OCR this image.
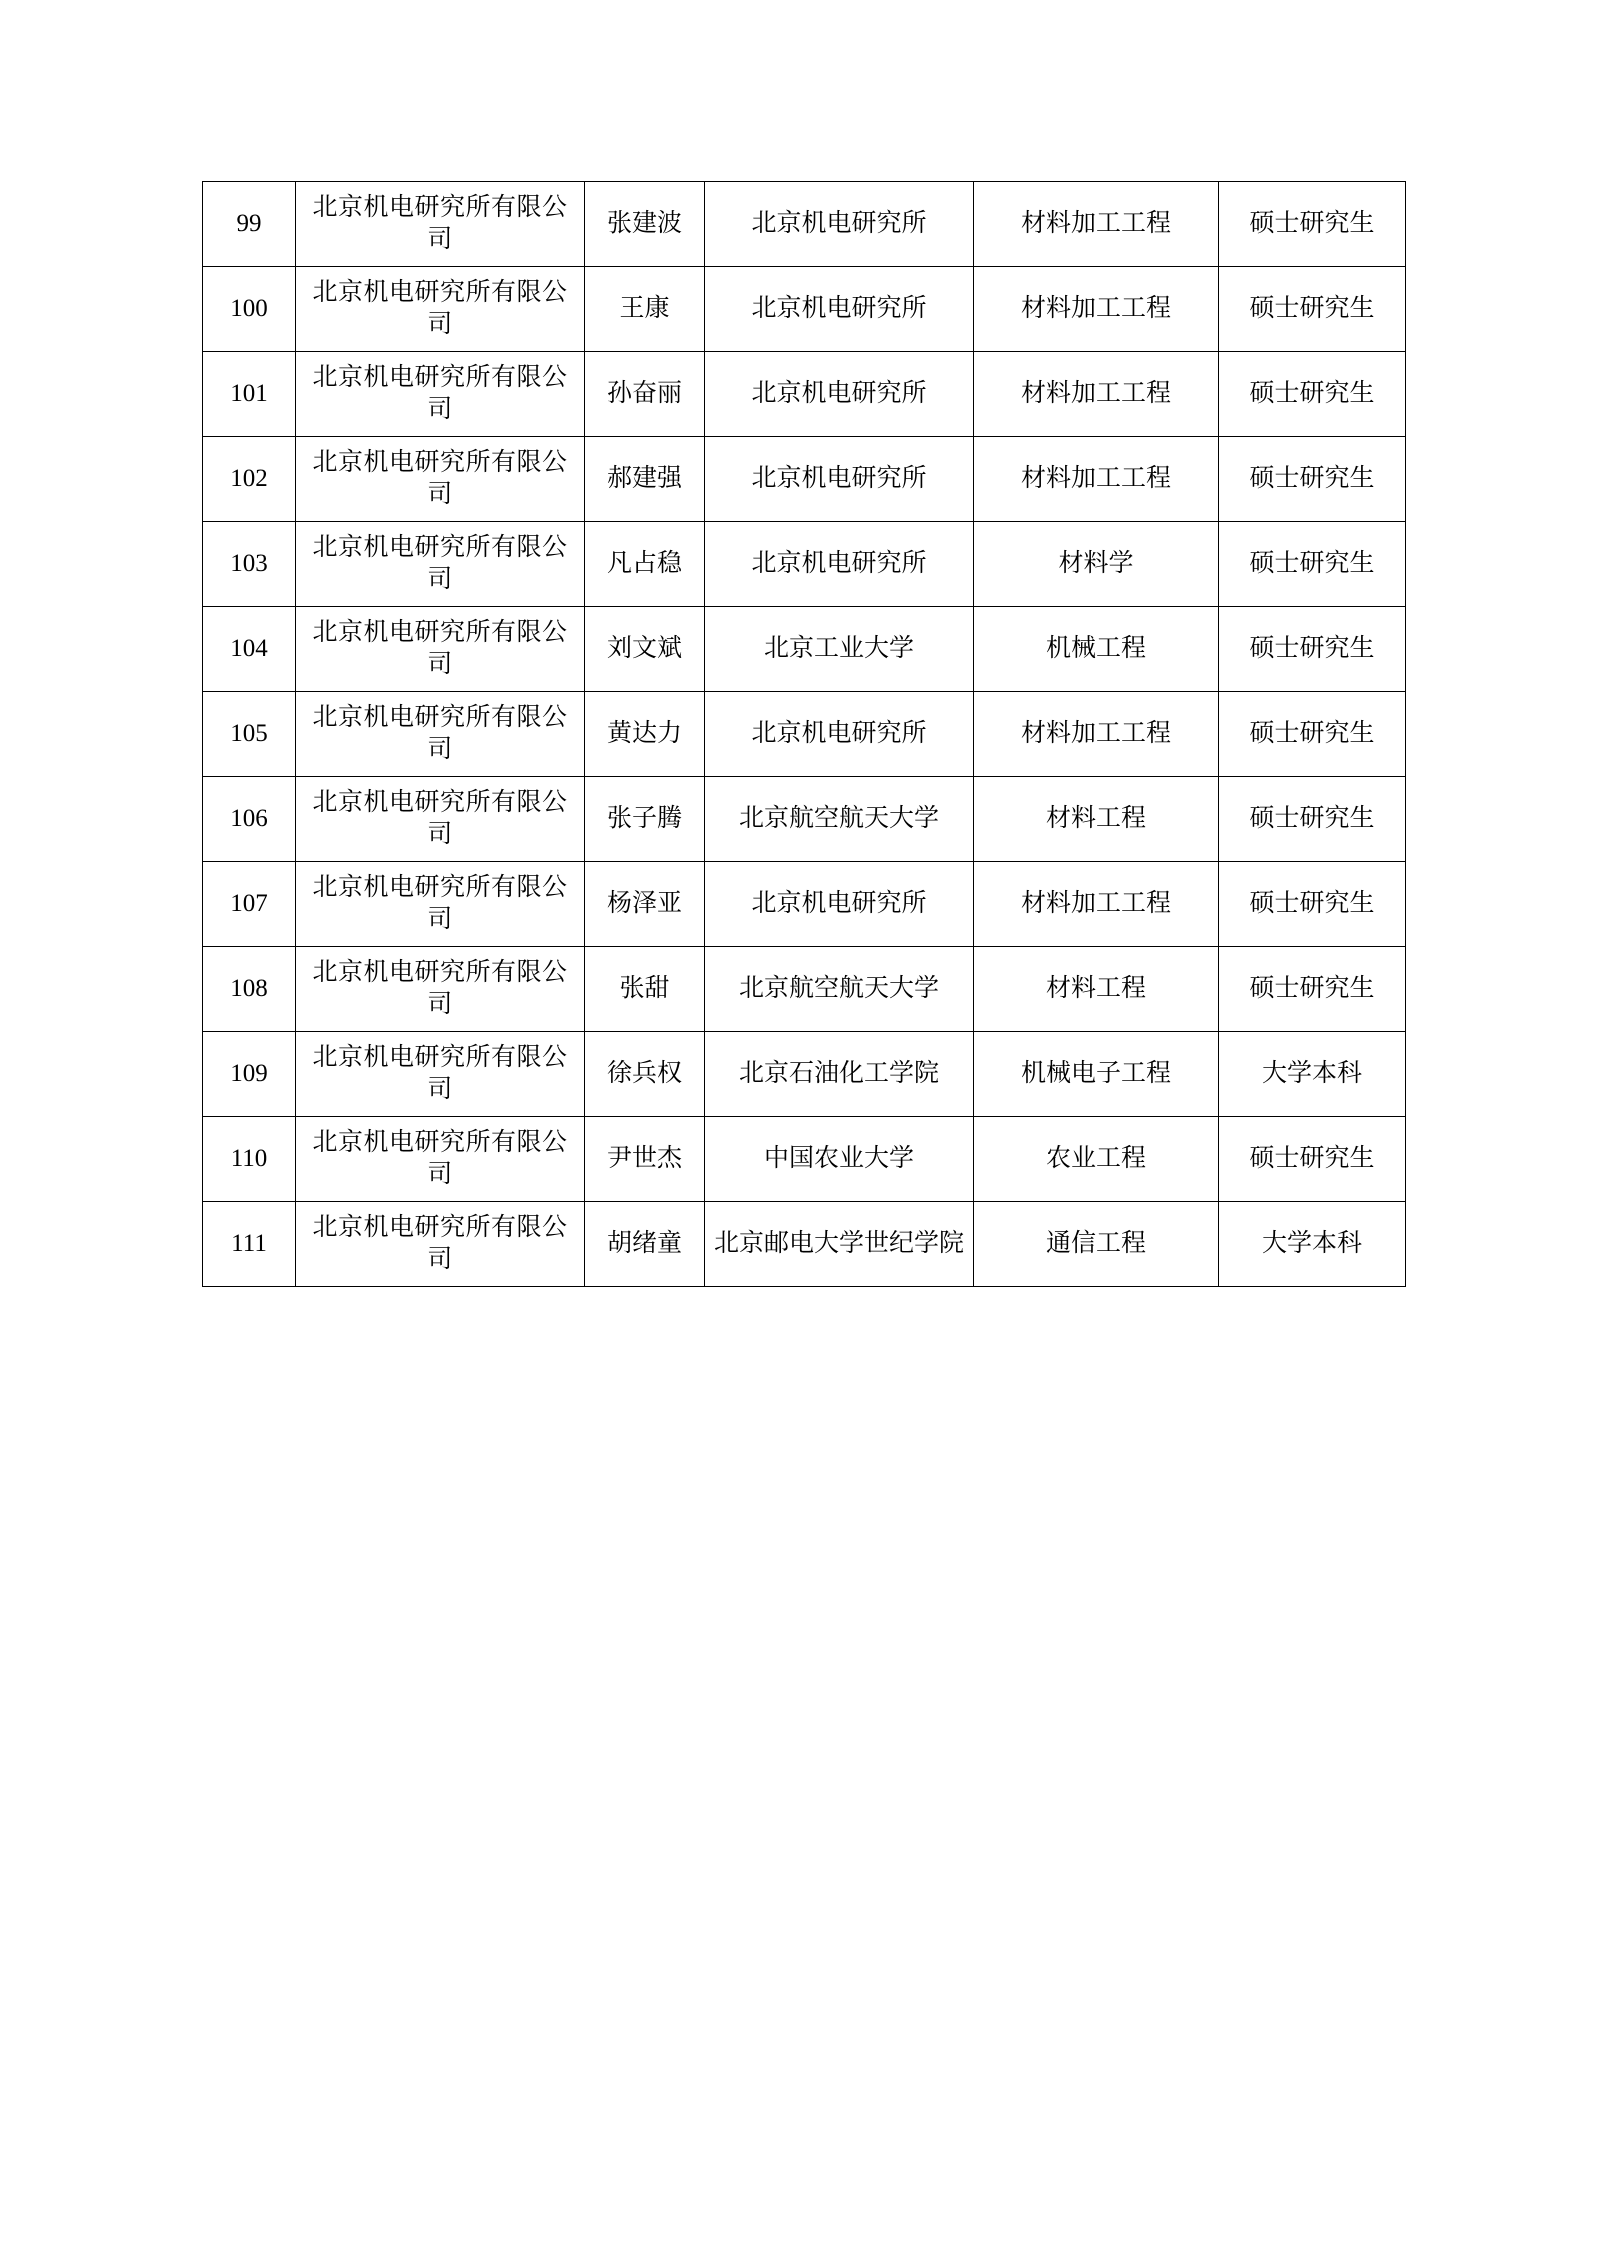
99	北京机电研究所有限公司	张建波	北京机电研究所	材料加工工程	硕士研究生
100	北京机电研究所有限公司	王康	北京机电研究所	材料加工工程	硕士研究生
101	北京机电研究所有限公司	孙奋丽	北京机电研究所	材料加工工程	硕士研究生
102	北京机电研究所有限公司	郝建强	北京机电研究所	材料加工工程	硕士研究生
103	北京机电研究所有限公司	凡占稳	北京机电研究所	材料学	硕士研究生
104	北京机电研究所有限公司	刘文斌	北京工业大学	机械工程	硕士研究生
105	北京机电研究所有限公司	黄达力	北京机电研究所	材料加工工程	硕士研究生
106	北京机电研究所有限公司	张子腾	北京航空航天大学	材料工程	硕士研究生
107	北京机电研究所有限公司	杨泽亚	北京机电研究所	材料加工工程	硕士研究生
108	北京机电研究所有限公司	张甜	北京航空航天大学	材料工程	硕士研究生
109	北京机电研究所有限公司	徐兵权	北京石油化工学院	机械电子工程	大学本科
110	北京机电研究所有限公司	尹世杰	中国农业大学	农业工程	硕士研究生
111	北京机电研究所有限公司	胡绪童	北京邮电大学世纪学院	通信工程	大学本科
